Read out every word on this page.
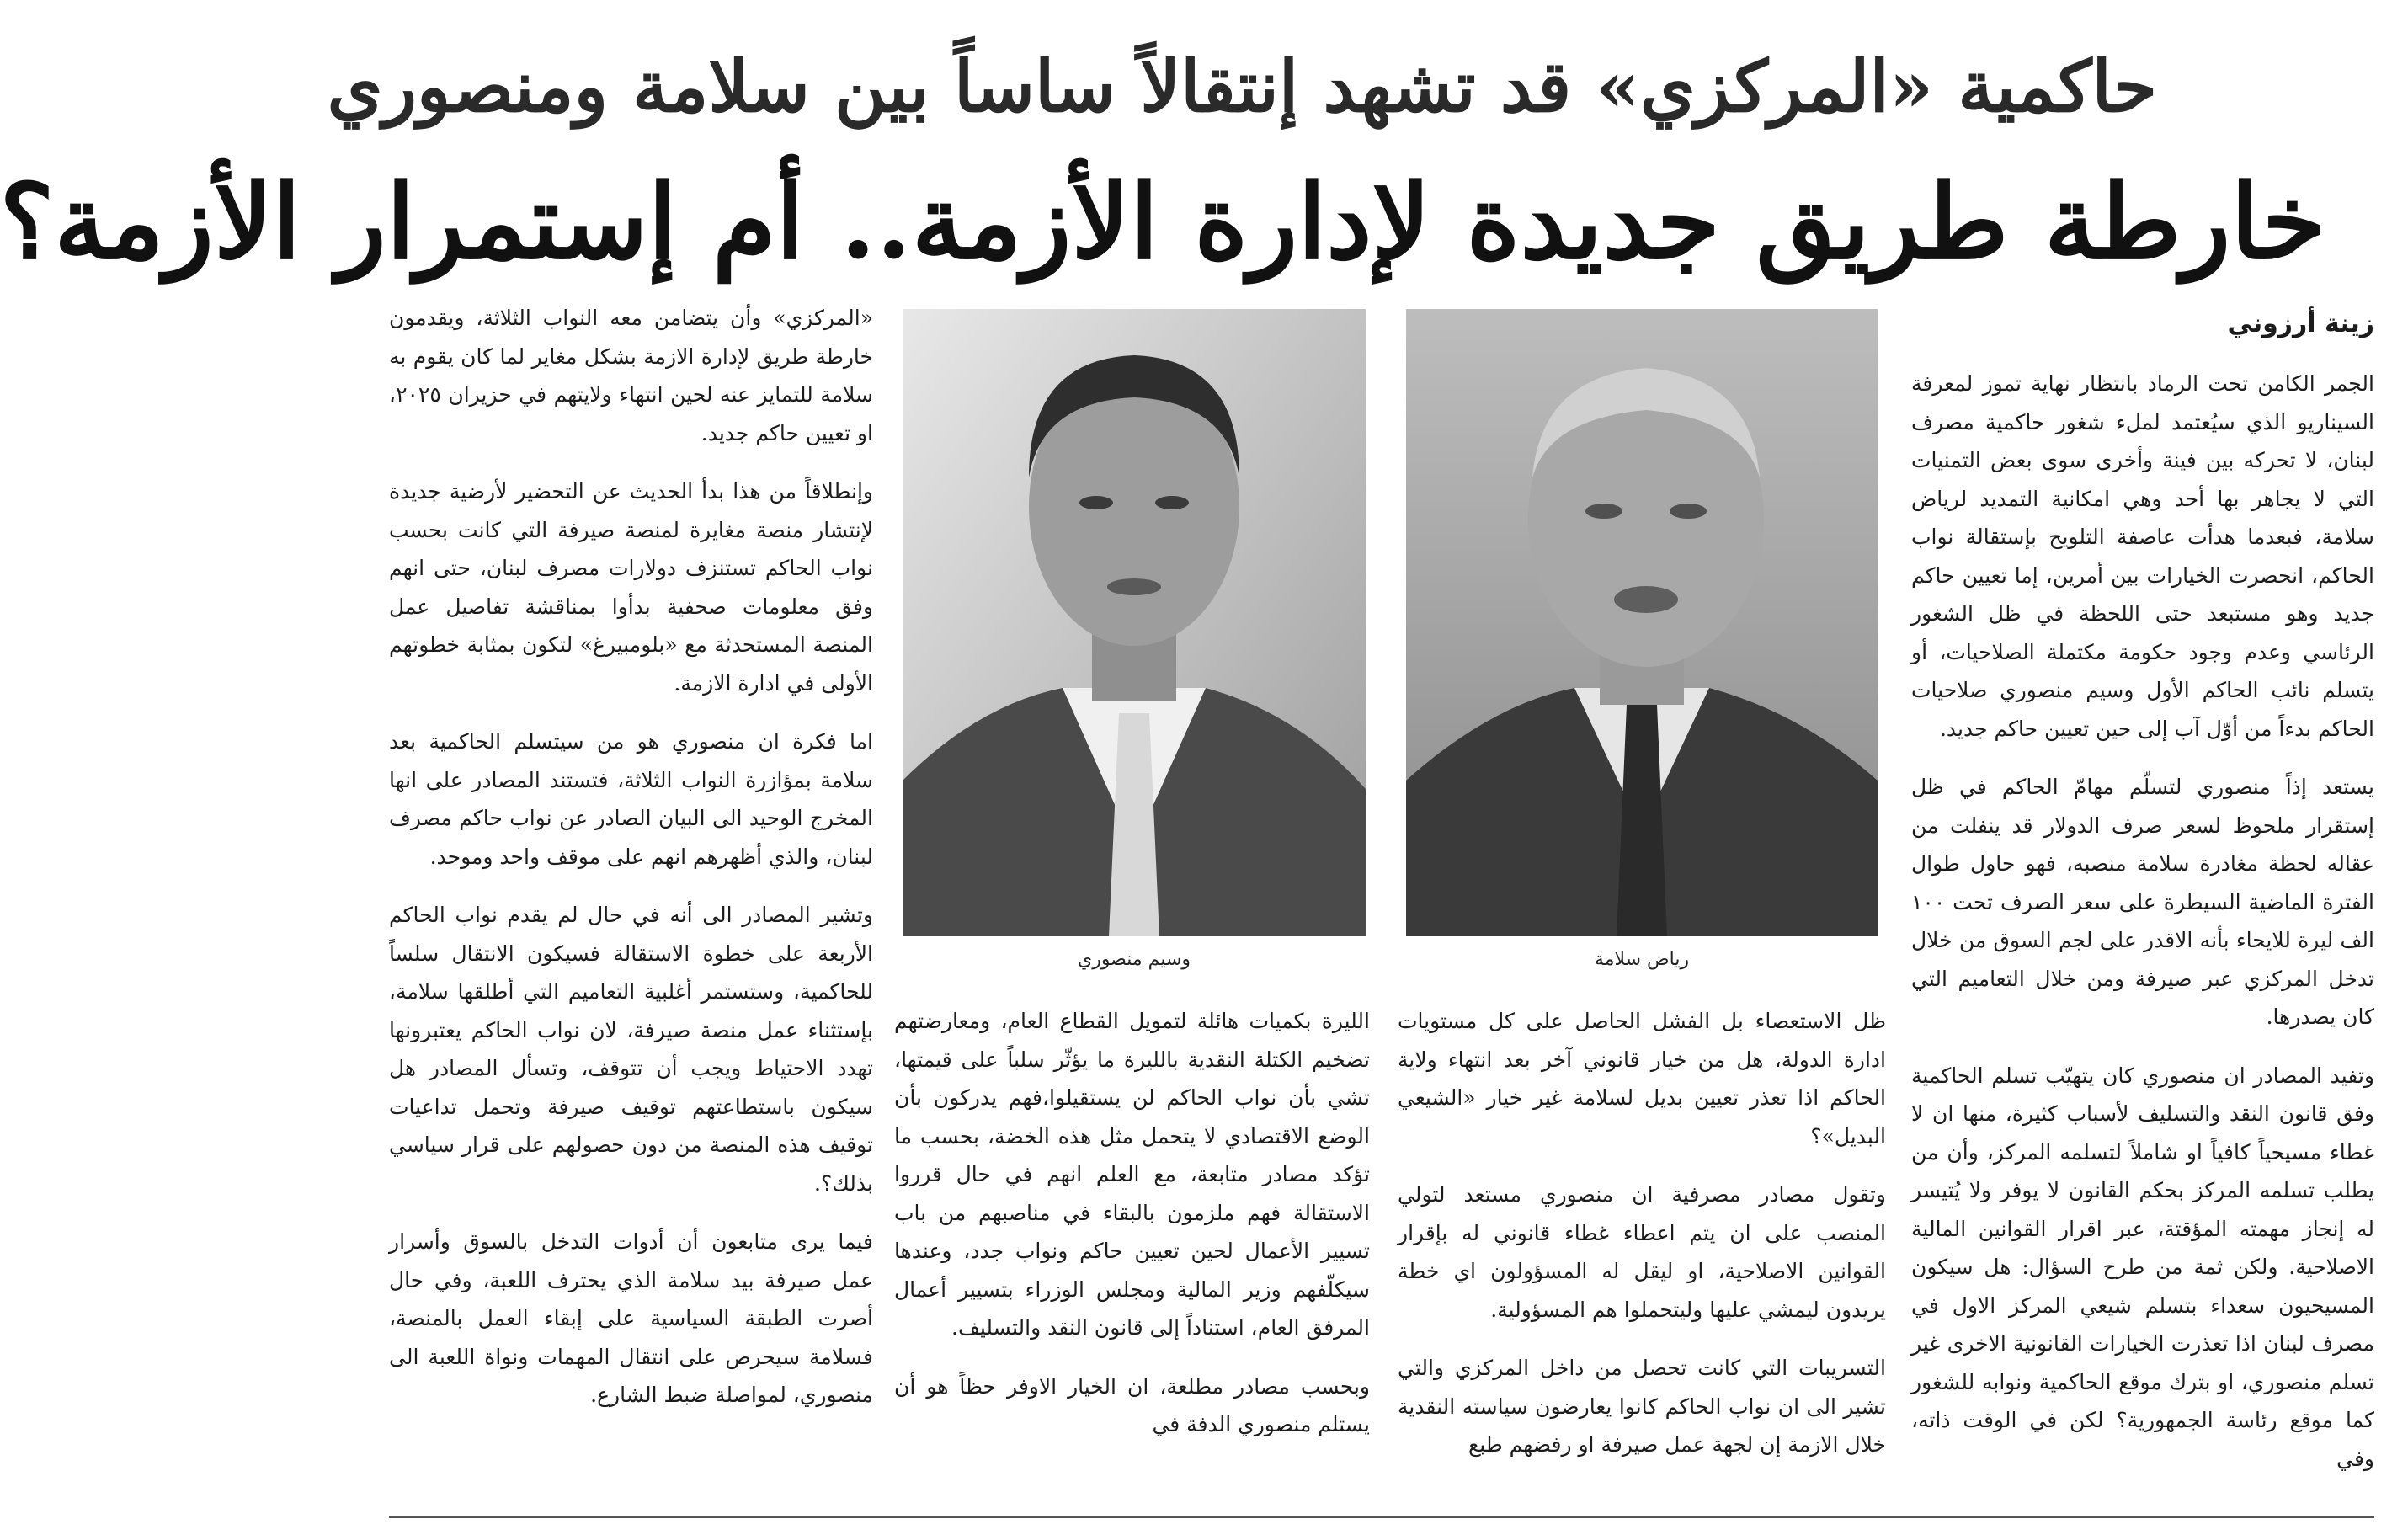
حاكمية «المركزي» قد تشهد إنتقالاً ساساً بين سلامة ومنصوري
خارطة طريق جديدة لإدارة الأزمة.. أم إستمرار الأزمة؟
زينة أرزوني

الجمر الكامن تحت الرماد بانتظار نهاية تموز لمعرفة السيناريو الذي سيُعتمد لملء شغور حاكمية مصرف لبنان، لا تحركه بين فينة وأخرى سوى بعض التمنيات التي لا يجاهر بها أحد وهي امكانية التمديد لرياض سلامة، فبعدما هدأت عاصفة التلويح بإستقالة نواب الحاكم، انحصرت الخيارات بين أمرين، إما تعيين حاكم جديد وهو مستبعد حتى اللحظة في ظل الشغور الرئاسي وعدم وجود حكومة مكتملة الصلاحيات، أو يتسلم نائب الحاكم الأول وسيم منصوري صلاحيات الحاكم بدءاً من أوّل آب إلى حين تعيين حاكم جديد.

يستعد إذاً منصوري لتسلّم مهامّ الحاكم في ظل إستقرار ملحوظ لسعر صرف الدولار قد ينفلت من عقاله لحظة مغادرة سلامة منصبه، فهو حاول طوال الفترة الماضية السيطرة على سعر الصرف تحت ١٠٠ الف ليرة للايحاء بأنه الاقدر على لجم السوق من خلال تدخل المركزي عبر صيرفة ومن خلال التعاميم التي كان يصدرها.

وتفيد المصادر ان منصوري كان يتهيّب تسلم الحاكمية وفق قانون النقد والتسليف لأسباب كثيرة، منها ان لا غطاء مسيحياً كافياً او شاملاً لتسلمه المركز، وأن من يطلب تسلمه المركز بحكم القانون لا يوفر ولا يُتيسر له إنجاز مهمته المؤقتة، عبر اقرار القوانين المالية الاصلاحية. ولكن ثمة من طرح السؤال: هل سيكون المسيحيون سعداء بتسلم شيعي المركز الاول في مصرف لبنان اذا تعذرت الخيارات القانونية الاخرى غير تسلم منصوري، او بترك موقع الحاكمية ونوابه للشغور كما موقع رئاسة الجمهورية؟ لكن في الوقت ذاته، وفي

رياض سلامة
وسيم منصوري

ظل الاستعصاء بل الفشل الحاصل على كل مستويات ادارة الدولة، هل من خيار قانوني آخر بعد انتهاء ولاية الحاكم اذا تعذر تعيين بديل لسلامة غير خيار «الشيعي البديل»؟

وتقول مصادر مصرفية ان منصوري مستعد لتولي المنصب على ان يتم اعطاء غطاء قانوني له بإقرار القوانين الاصلاحية، او ليقل له المسؤولون اي خطة يريدون ليمشي عليها وليتحملوا هم المسؤولية.

التسريبات التي كانت تحصل من داخل المركزي والتي تشير الى ان نواب الحاكم كانوا يعارضون سياسته النقدية خلال الازمة إن لجهة عمل صيرفة او رفضهم طبع

الليرة بكميات هائلة لتمويل القطاع العام، ومعارضتهم تضخيم الكتلة النقدية بالليرة ما يؤثّر سلباً على قيمتها، تشي بأن نواب الحاكم لن يستقيلوا،فهم يدركون بأن الوضع الاقتصادي لا يتحمل مثل هذه الخضة، بحسب ما تؤكد مصادر متابعة، مع العلم انهم في حال قرروا الاستقالة فهم ملزمون بالبقاء في مناصبهم من باب تسيير الأعمال لحين تعيين حاكم ونواب جدد، وعندها سيكلّفهم وزير المالية ومجلس الوزراء بتسيير أعمال المرفق العام، استناداً إلى قانون النقد والتسليف.

وبحسب مصادر مطلعة، ان الخيار الاوفر حظاً هو أن يستلم منصوري الدفة في

«المركزي» وأن يتضامن معه النواب الثلاثة، ويقدمون خارطة طريق لإدارة الازمة بشكل مغاير لما كان يقوم به سلامة للتمايز عنه لحين انتهاء ولايتهم في حزيران ٢٠٢٥، او تعيين حاكم جديد.

وإنطلاقاً من هذا بدأ الحديث عن التحضير لأرضية جديدة لإنتشار منصة مغايرة لمنصة صيرفة التي كانت بحسب نواب الحاكم تستنزف دولارات مصرف لبنان، حتى انهم وفق معلومات صحفية بدأوا بمناقشة تفاصيل عمل المنصة المستحدثة مع «بلومبيرغ» لتكون بمثابة خطوتهم الأولى في ادارة الازمة.

اما فكرة ان منصوري هو من سيتسلم الحاكمية بعد سلامة بمؤازرة النواب الثلاثة، فتستند المصادر على انها المخرج الوحيد الى البيان الصادر عن نواب حاكم مصرف لبنان، والذي أظهرهم انهم على موقف واحد وموحد.

وتشير المصادر الى أنه في حال لم يقدم نواب الحاكم الأربعة على خطوة الاستقالة فسيكون الانتقال سلساً للحاكمية، وستستمر أغلبية التعاميم التي أطلقها سلامة، بإستثناء عمل منصة صيرفة، لان نواب الحاكم يعتبرونها تهدد الاحتياط ويجب أن تتوقف، وتسأل المصادر هل سيكون باستطاعتهم توقيف صيرفة وتحمل تداعيات توقيف هذه المنصة من دون حصولهم على قرار سياسي بذلك؟.

فيما يرى متابعون أن أدوات التدخل بالسوق وأسرار عمل صيرفة بيد سلامة الذي يحترف اللعبة، وفي حال أصرت الطبقة السياسية على إبقاء العمل بالمنصة، فسلامة سيحرص على انتقال المهمات ونواة اللعبة الى منصوري، لمواصلة ضبط الشارع.
